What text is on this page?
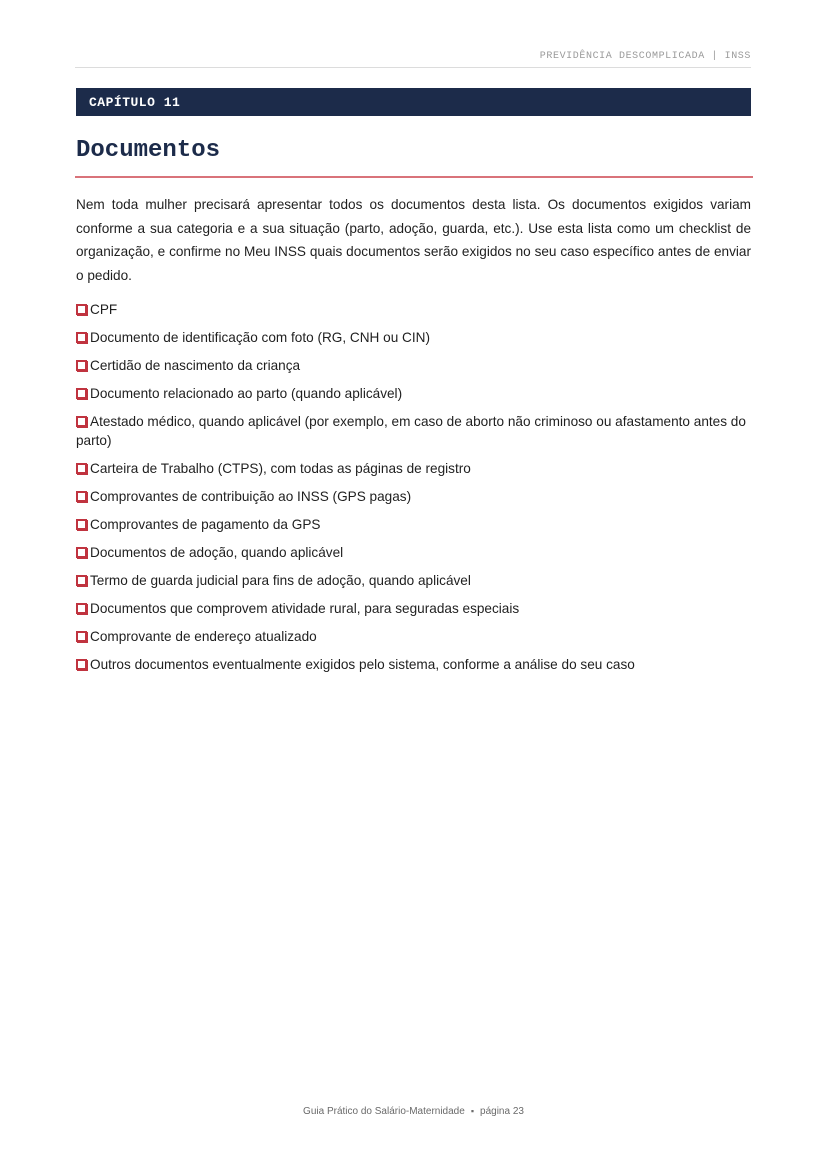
PREVIDÊNCIA DESCOMPLICADA | INSS
CAPÍTULO 11
Documentos

Nem toda mulher precisará apresentar todos os documentos desta lista. Os documentos exigidos variam conforme a sua categoria e a sua situação (parto, adoção, guarda, etc.). Use esta lista como um checklist de organização, e confirme no Meu INSS quais documentos serão exigidos no seu caso específico antes de enviar o pedido.

CPF
Documento de identificação com foto (RG, CNH ou CIN)
Certidão de nascimento da criança
Documento relacionado ao parto (quando aplicável)
Atestado médico, quando aplicável (por exemplo, em caso de aborto não criminoso ou afastamento antes do parto)
Carteira de Trabalho (CTPS), com todas as páginas de registro
Comprovantes de contribuição ao INSS (GPS pagas)
Comprovantes de pagamento da GPS
Documentos de adoção, quando aplicável
Termo de guarda judicial para fins de adoção, quando aplicável
Documentos que comprovem atividade rural, para seguradas especiais
Comprovante de endereço atualizado
Outros documentos eventualmente exigidos pelo sistema, conforme a análise do seu caso
Guia Prático do Salário-Maternidade ▪ página 23
